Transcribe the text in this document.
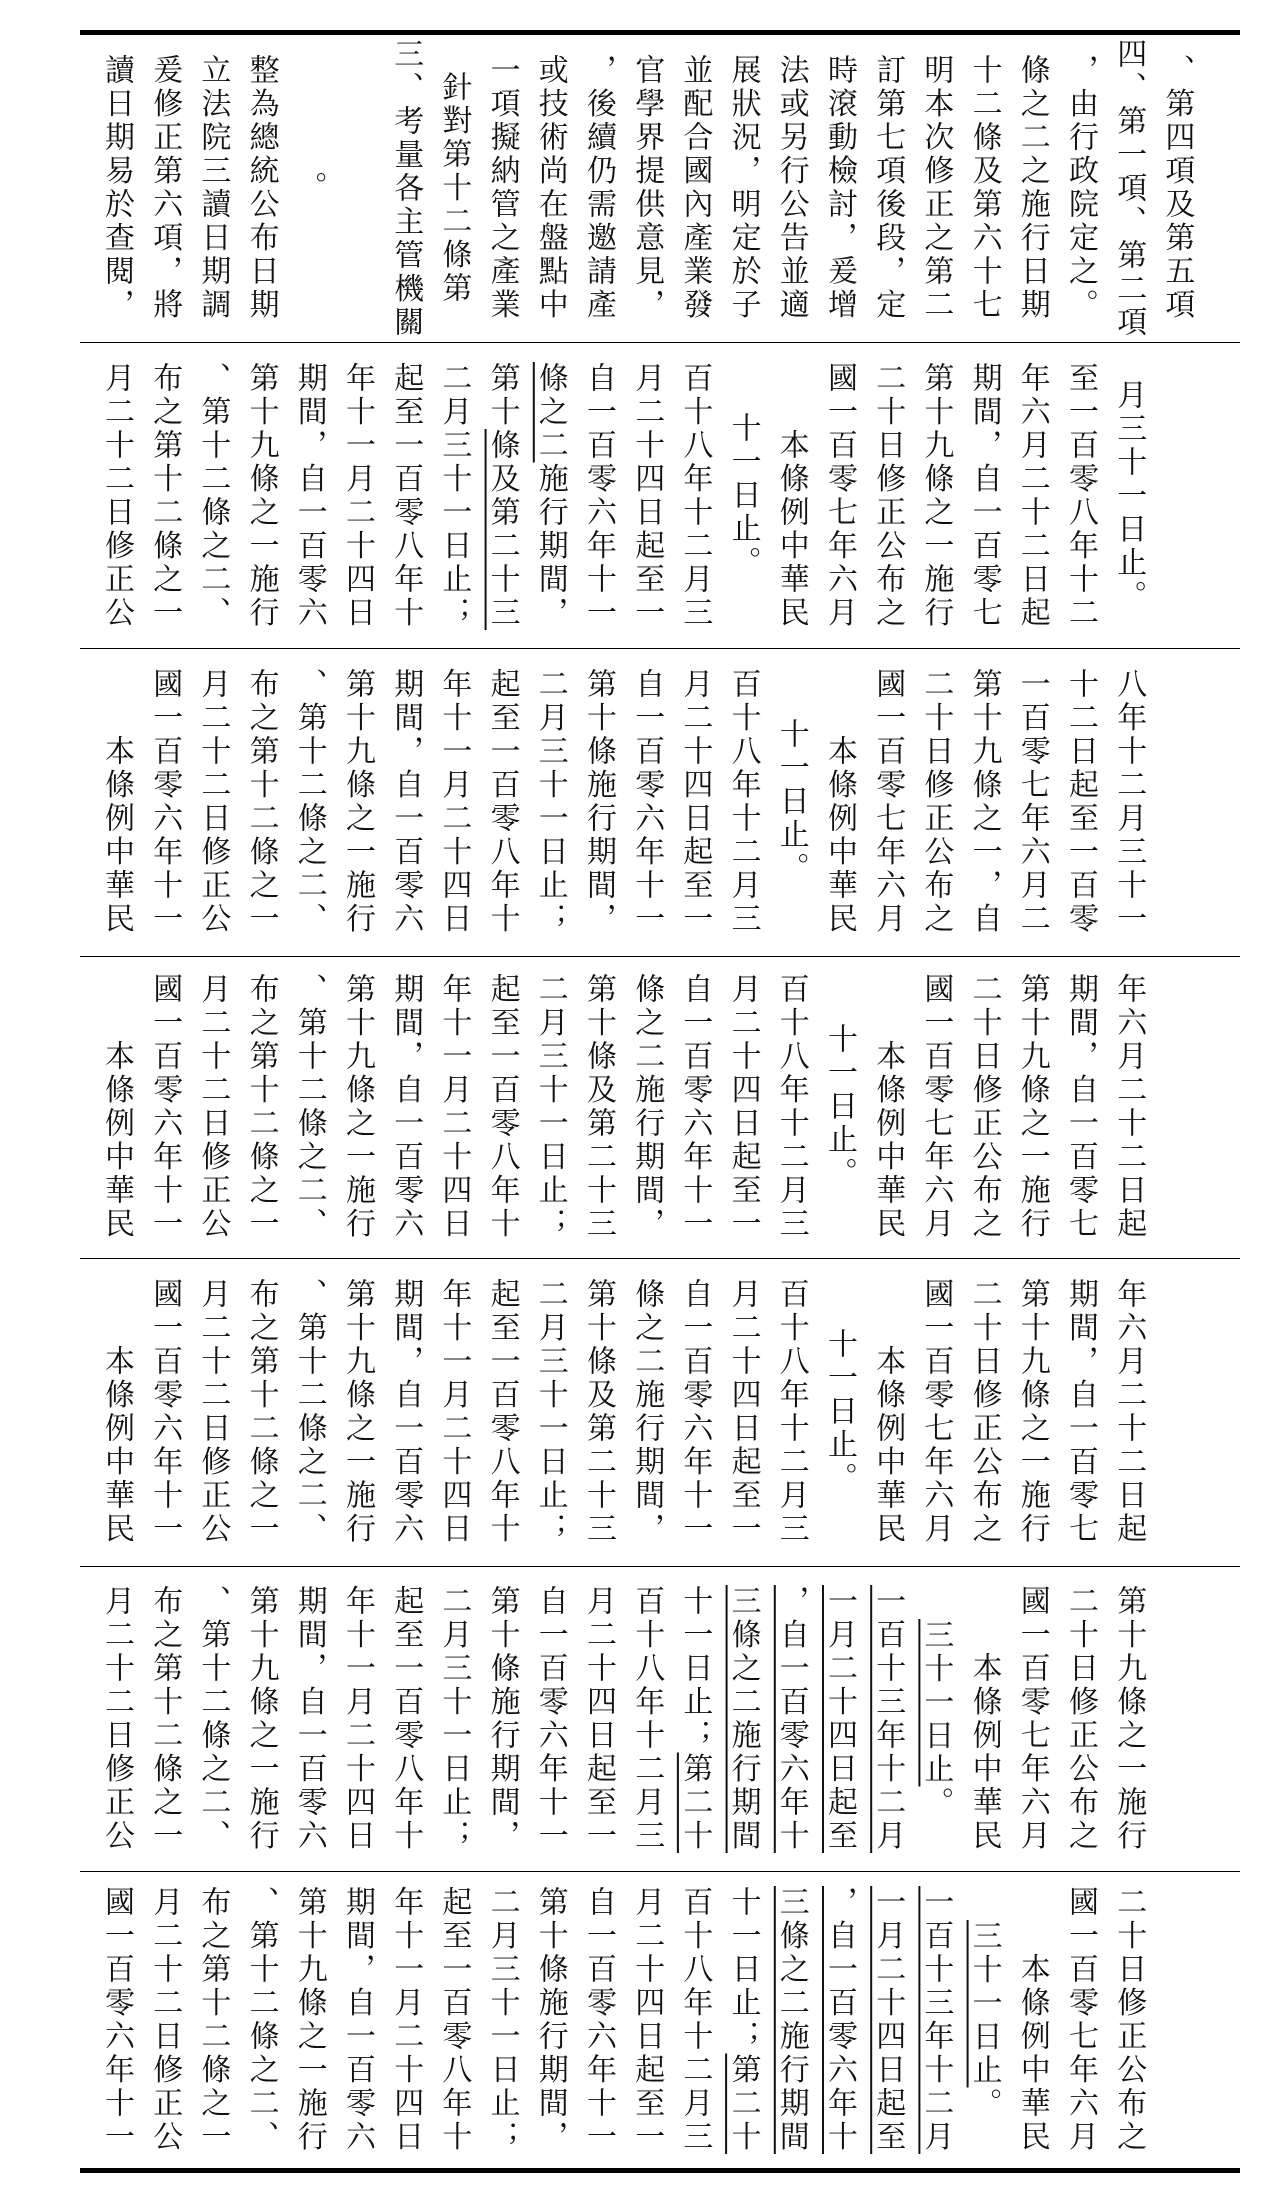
讀日期易於查閱， 爰修正第六項，將 立法院三讀日期調 整為總統公布日期 。 三、考量各主管機關 針對第十二條第 一項擬納管之產業 或技術尚在盤點中 ，後續仍需邀請產 官學界提供意見， 並配合國內產業發 展狀況，明定於子 法或另行公告並適 時滾動檢討，爰增 訂第七項後段，定 明本次修正之第二 十二條及第六十七 條之二之施行日期 ，由行政院定之。 四、第一項、第二項 、第四項及第五項
月二十二日修正公 布之第十二條之一 、第十二條之二、 第十九條之一施行 期間，自一百零六 年十一月二十四日 起至一百零八年十 二月三十一日止； 第十條及第二十三
條之二施行期間， 自一百零六年十一 月二十四日起至一 百十八年十二月三 十一日止。 　　本條例中華民 國一百零七年六月 二十日修正公布之 第十九條之一施行 期間，自一百零七 年六月二十二日起 至一百零八年十二 月三十一日止。
　　本條例中華民 國一百零六年十一 月二十二日修正公 布之第十二條之一 、第十二條之二、 第十九條之一施行 期間，自一百零六 年十一月二十四日 起至一百零八年十 二月三十一日止； 第十條施行期間， 自一百零六年十一 月二十四日起至一 百十八年十二月三 十一日止。 　　本條例中華民 國一百零七年六月 二十日修正公布之 第十九條之一，自 一百零七年六月二 十二日起至一百零 八年十二月三十一
　　本條例中華民 國一百零六年十一 月二十二日修正公 布之第十二條之一 、第十二條之二、 第十九條之一施行 期間，自一百零六 年十一月二十四日 起至一百零八年十 二月三十一日止； 第十條及第二十三 條之二施行期間， 自一百零六年十一 月二十四日起至一 百十八年十二月三 十一日止。 　　本條例中華民 國一百零七年六月 二十日修正公布之 第十九條之一施行 期間，自一百零七 年六月二十二日起
　　本條例中華民 國一百零六年十一 月二十二日修正公 布之第十二條之一 、第十二條之二、 第十九條之一施行 期間，自一百零六 年十一月二十四日 起至一百零八年十 二月三十一日止； 第十條及第二十三 條之二施行期間， 自一百零六年十一 月二十四日起至一 百十八年十二月三 十一日止。 　　本條例中華民 國一百零七年六月 二十日修正公布之 第十九條之一施行 期間，自一百零七 年六月二十二日起
月二十二日修正公 布之第十二條之一 、第十二條之二、 第十九條之一施行 期間，自一百零六 年十一月二十四日 起至一百零八年十 二月三十一日止； 第十條施行期間， 自一百零六年十一 月二十四日起至一 百十八年十二月三 十一日止；第二十 三條之二施行期間 ，自一百零六年十 一月二十四日起至 一百十三年十二月 三十一日止。 　　本條例中華民 國一百零七年六月 二十日修正公布之 第十九條之一施行
國一百零六年十一 月二十二日修正公 布之第十二條之一 、第十二條之二、 第十九條之一施行 期間，自一百零六 年十一月二十四日 起至一百零八年十 二月三十一日止； 第十條施行期間， 自一百零六年十一 月二十四日起至一 百十八年十二月三 十一日止；第二十 三條之二施行期間 ，自一百零六年十 一月二十四日起至 一百十三年十二月 三十一日止。 　　本條例中華民 國一百零七年六月 二十日修正公布之
